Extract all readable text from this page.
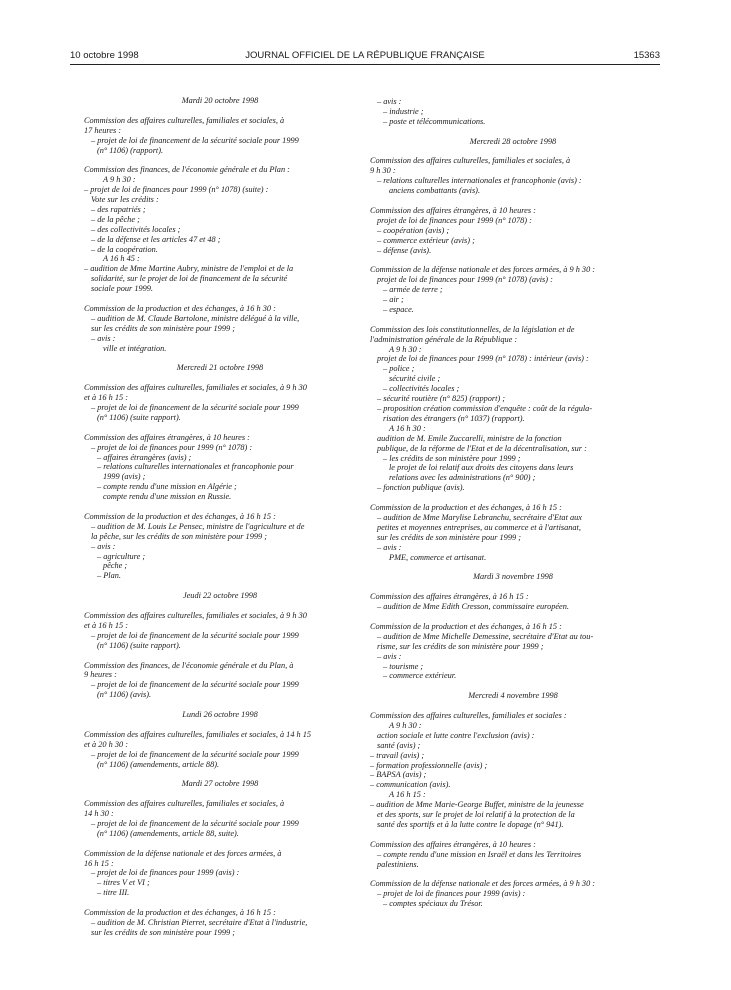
10 octobre 1998	JOURNAL OFFICIEL DE LA RÉPUBLIQUE FRANÇAISE	15363
Mardi 20 octobre 1998
Commission des affaires culturelles, familiales et sociales, à
17 heures :
– projet de loi de financement de la sécurité sociale pour 1999
(n° 1106) (rapport).
Commission des finances, de l'économie générale et du Plan :
A 9 h 30 :
– projet de loi de finances pour 1999 (n° 1078) (suite) :
Vote sur les crédits :
– des rapatriés ;
– de la pêche ;
– des collectivités locales ;
– de la défense et les articles 47 et 48 ;
– de la coopération.
A 16 h 45 :
– audition de Mme Martine Aubry, ministre de l'emploi et de la
solidarité, sur le projet de loi de financement de la sécurité
sociale pour 1999.
Commission de la production et des échanges, à 16 h 30 :
– audition de M. Claude Bartolone, ministre délégué à la ville,
sur les crédits de son ministère pour 1999 ;
– avis :
ville et intégration.
Mercredi 21 octobre 1998
Commission des affaires culturelles, familiales et sociales, à 9 h 30
et à 16 h 15 :
– projet de loi de financement de la sécurité sociale pour 1999
(n° 1106) (suite rapport).
Commission des affaires étrangères, à 10 heures :
– projet de loi de finances pour 1999 (n° 1078) :
– affaires étrangères (avis) ;
– relations culturelles internationales et francophonie pour
1999 (avis) ;
– compte rendu d'une mission en Algérie ;
compte rendu d'une mission en Russie.
Commission de la production et des échanges, à 16 h 15 :
– audition de M. Louis Le Pensec, ministre de l'agriculture et de
la pêche, sur les crédits de son ministère pour 1999 ;
– avis :
– agriculture ;
pêche ;
– Plan.
Jeudi 22 octobre 1998
Commission des affaires culturelles, familiales et sociales, à 9 h 30
et à 16 h 15 :
– projet de loi de financement de la sécurité sociale pour 1999
(n° 1106) (suite rapport).
Commission des finances, de l'économie générale et du Plan, à
9 heures :
– projet de loi de financement de la sécurité sociale pour 1999
(n° 1106) (avis).
Lundi 26 octobre 1998
Commission des affaires culturelles, familiales et sociales, à 14 h 15
et à 20 h 30 :
– projet de loi de financement de la sécurité sociale pour 1999
(n° 1106) (amendements, article 88).
Mardi 27 octobre 1998
Commission des affaires culturelles, familiales et sociales, à
14 h 30 :
– projet de loi de financement de la sécurité sociale pour 1999
(n° 1106) (amendements, article 88, suite).
Commission de la défense nationale et des forces armées, à
16 h 15 :
– projet de loi de finances pour 1999 (avis) :
– titres V et VI ;
– titre III.
Commission de la production et des échanges, à 16 h 15 :
– audition de M. Christian Pierret, secrétaire d'Etat à l'industrie,
sur les crédits de son ministère pour 1999 ;
– avis :
– industrie ;
– poste et télécommunications.
Mercredi 28 octobre 1998
Commission des affaires culturelles, familiales et sociales, à
9 h 30 :
– relations culturelles internationales et francophonie (avis) :
anciens combattants (avis).
Commission des affaires étrangères, à 10 heures :
projet de loi de finances pour 1999 (n° 1078) :
– coopération (avis) ;
– commerce extérieur (avis) ;
– défense (avis).
Commission de la défense nationale et des forces armées, à 9 h 30 :
projet de loi de finances pour 1999 (n° 1078) (avis) :
– armée de terre ;
– air ;
– espace.
Commission des lois constitutionnelles, de la législation et de
l'administration générale de la République :
A 9 h 30 :
projet de loi de finances pour 1999 (n° 1078) : intérieur (avis) :
– police ;
sécurité civile ;
– collectivités locales ;
– sécurité routière (n° 825) (rapport) ;
– proposition création commission d'enquête : coût de la régula-
risation des étrangers (n° 1037) (rapport).
A 16 h 30 :
audition de M. Emile Zuccarelli, ministre de la fonction
publique, de la réforme de l'Etat et de la décentralisation, sur :
– les crédits de son ministère pour 1999 ;
le projet de loi relatif aux droits des citoyens dans leurs
relations avec les administrations (n° 900) ;
– fonction publique (avis).
Commission de la production et des échanges, à 16 h 15 :
– audition de Mme Marylise Lebranchu, secrétaire d'Etat aux
petites et moyennes entreprises, au commerce et à l'artisanat,
sur les crédits de son ministère pour 1999 ;
– avis :
PME, commerce et artisanat.
Mardi 3 novembre 1998
Commission des affaires étrangères, à 16 h 15 :
– audition de Mme Edith Cresson, commissaire européen.
Commission de la production et des échanges, à 16 h 15 :
– audition de Mme Michelle Demessine, secrétaire d'Etat au tou-
risme, sur les crédits de son ministère pour 1999 ;
– avis :
– tourisme ;
– commerce extérieur.
Mercredi 4 novembre 1998
Commission des affaires culturelles, familiales et sociales :
A 9 h 30 :
action sociale et lutte contre l'exclusion (avis) :
santé (avis) ;
– travail (avis) ;
– formation professionnelle (avis) ;
– BAPSA (avis) ;
– communication (avis).
A 16 h 15 :
– audition de Mme Marie-George Buffet, ministre de la jeunesse
et des sports, sur le projet de loi relatif à la protection de la
santé des sportifs et à la lutte contre le dopage (n° 941).
Commission des affaires étrangères, à 10 heures :
– compte rendu d'une mission en Israël et dans les Territoires
palestiniens.
Commission de la défense nationale et des forces armées, à 9 h 30 :
– projet de loi de finances pour 1999 (avis) :
– comptes spéciaux du Trésor.
